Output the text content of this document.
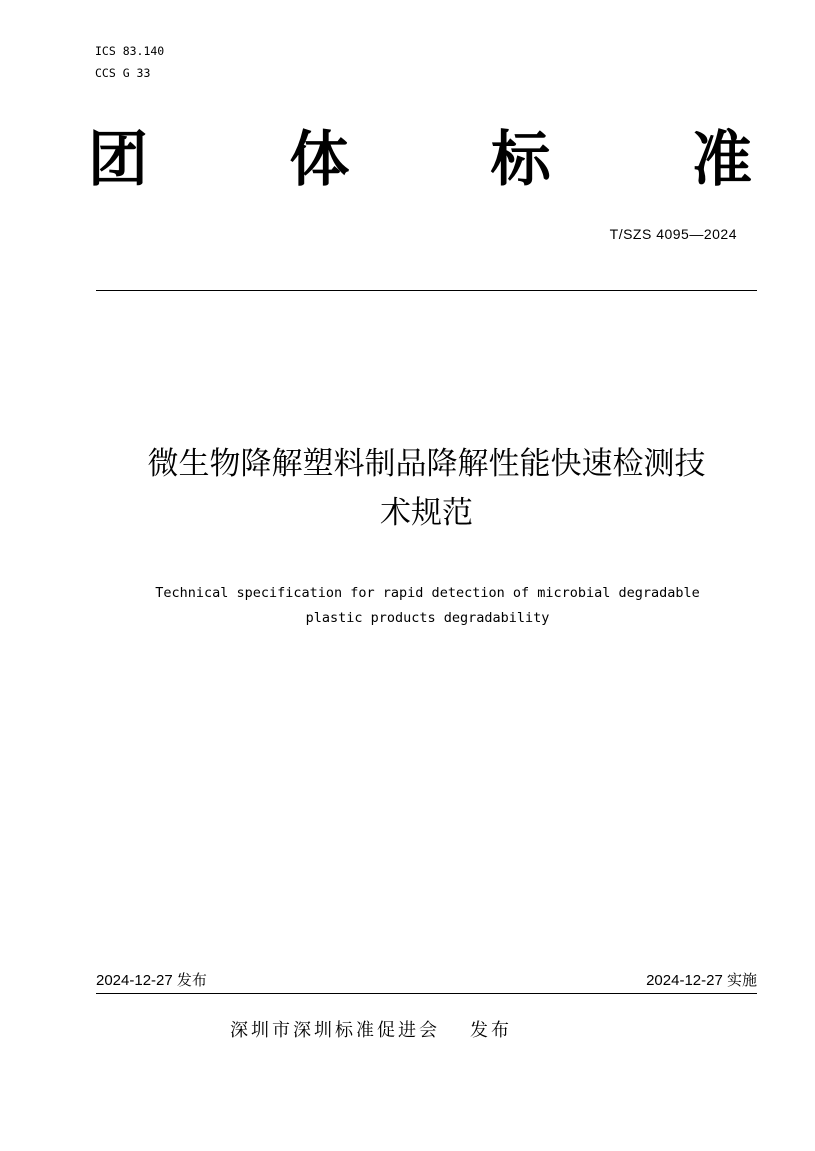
ICS 83.140
CCS G 33
团 体 标 准
T/SZS 4095—2024
微生物降解塑料制品降解性能快速检测技
术规范
Technical specification for rapid detection of microbial degradable
plastic products degradability
2024-12-27 发布	2024-12-27 实施
深圳市深圳标准促进会 发布
